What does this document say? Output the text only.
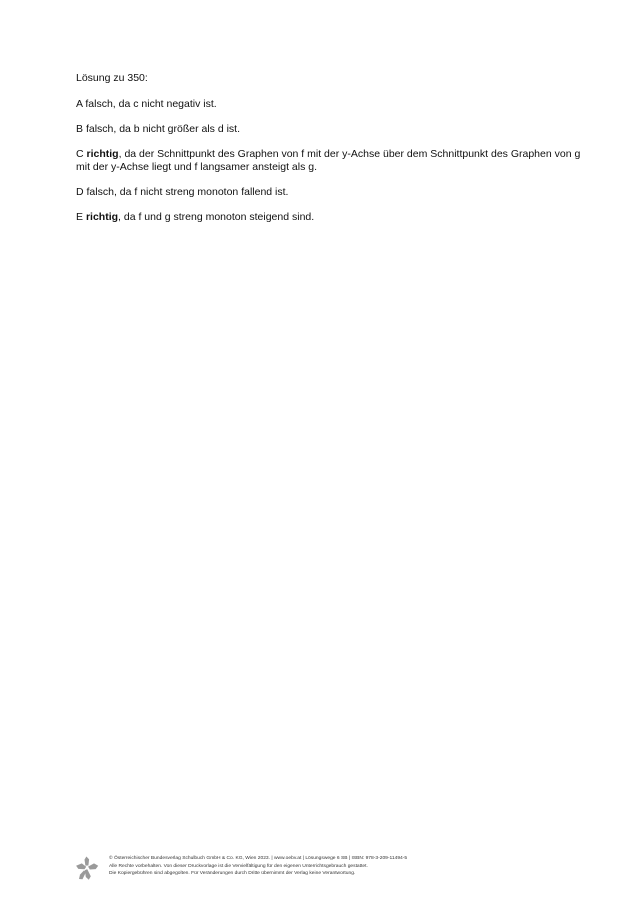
Lösung zu 350:

A falsch, da c nicht negativ ist.

B falsch, da b nicht größer als d ist.

C richtig, da der Schnittpunkt des Graphen von f mit der y-Achse über dem Schnittpunkt des Graphen von g mit der y-Achse liegt und f langsamer ansteigt als g.

D falsch, da f nicht streng monoton fallend ist.

E richtig, da f und g streng monoton steigend sind.

© Österreichischer Bundesverlag Schulbuch GmbH & Co. KG, Wien 2023. | www.oebv.at | Lösungswege 6 SB | ISBN: 978-3-209-11494-5
Alle Rechte vorbehalten. Von dieser Druckvorlage ist die Vervielfältigung für den eigenen Unterrichtsgebrauch gestattet.
Die Kopiergebühren sind abgegolten. Für Veränderungen durch Dritte übernimmt der Verlag keine Verantwortung.
